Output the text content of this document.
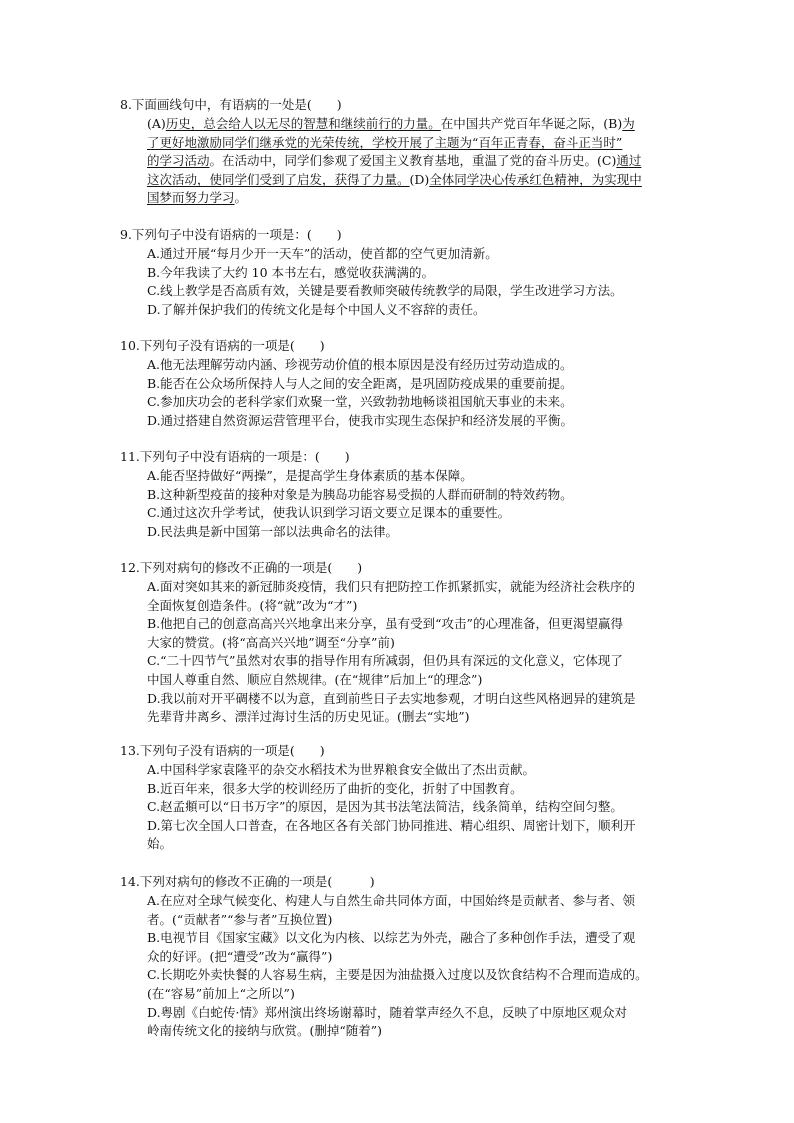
8.下面画线句中，有语病的一处是(　　)
(A)历史，总会给人以无尽的智慧和继续前行的力量。在中国共产党百年华诞之际，(B)为
了更好地激励同学们继承党的光荣传统，学校开展了主题为“百年正青春，奋斗正当时”
的学习活动。在活动中，同学们参观了爱国主义教育基地，重温了党的奋斗历史。(C)通过
这次活动，使同学们受到了启发，获得了力量。(D)全体同学决心传承红色精神，为实现中
国梦而努力学习。
9.下列句子中没有语病的一项是：(　　)
A.通过开展“每月少开一天车”的活动，使首都的空气更加清新。
B.今年我读了大约 10 本书左右，感觉收获满满的。
C.线上教学是否高质有效，关键是要看教师突破传统教学的局限，学生改进学习方法。
D.了解并保护我们的传统文化是每个中国人义不容辞的责任。
10.下列句子没有语病的一项是(　　)
A.他无法理解劳动内涵、珍视劳动价值的根本原因是没有经历过劳动造成的。
B.能否在公众场所保持人与人之间的安全距离，是巩固防疫成果的重要前提。
C.参加庆功会的老科学家们欢聚一堂，兴致勃勃地畅谈祖国航天事业的未来。
D.通过搭建自然资源运营管理平台，使我市实现生态保护和经济发展的平衡。
11.下列句子中没有语病的一项是：(　　)
A.能否坚持做好“两操”，是提高学生身体素质的基本保障。
B.这种新型疫苗的接种对象是为胰岛功能容易受损的人群而研制的特效药物。
C.通过这次升学考试，使我认识到学习语文要立足课本的重要性。
D.民法典是新中国第一部以法典命名的法律。
12.下列对病句的修改不正确的一项是(　　)
A.面对突如其来的新冠肺炎疫情，我们只有把防控工作抓紧抓实，就能为经济社会秩序的
全面恢复创造条件。(将“就”改为“才”)
B.他把自己的创意高高兴兴地拿出来分享，虽有受到“攻击”的心理准备，但更渴望赢得
大家的赞赏。(将“高高兴兴地”调至“分享”前)
C.“二十四节气”虽然对农事的指导作用有所减弱，但仍具有深远的文化意义，它体现了
中国人尊重自然、顺应自然规律。(在“规律”后加上“的理念”)
D.我以前对开平碉楼不以为意，直到前些日子去实地参观，才明白这些风格迥异的建筑是
先辈背井离乡、漂洋过海讨生活的历史见证。(删去“实地”)
13.下列句子没有语病的一项是(　　)
A.中国科学家袁隆平的杂交水稻技术为世界粮食安全做出了杰出贡献。
B.近百年来，很多大学的校训经历了曲折的变化，折射了中国教育。
C.赵孟頫可以“日书万字”的原因，是因为其书法笔法简洁，线条简单，结构空间匀整。
D.第七次全国人口普查，在各地区各有关部门协同推进、精心组织、周密计划下，顺利开
始。
14.下列对病句的修改不正确的一项是(　　　)
A.在应对全球气候变化、构建人与自然生命共同体方面，中国始终是贡献者、参与者、领
者。(“贡献者”“参与者”互换位置)
B.电视节目《国家宝藏》以文化为内核、以综艺为外壳，融合了多种创作手法，遭受了观
众的好评。(把“遭受”改为“赢得”)
C.长期吃外卖快餐的人容易生病，主要是因为油盐摄入过度以及饮食结构不合理而造成的。
(在“容易”前加上“之所以”)
D.粤剧《白蛇传·情》郑州演出终场谢幕时，随着掌声经久不息，反映了中原地区观众对
岭南传统文化的接纳与欣赏。(删掉“随着”)
